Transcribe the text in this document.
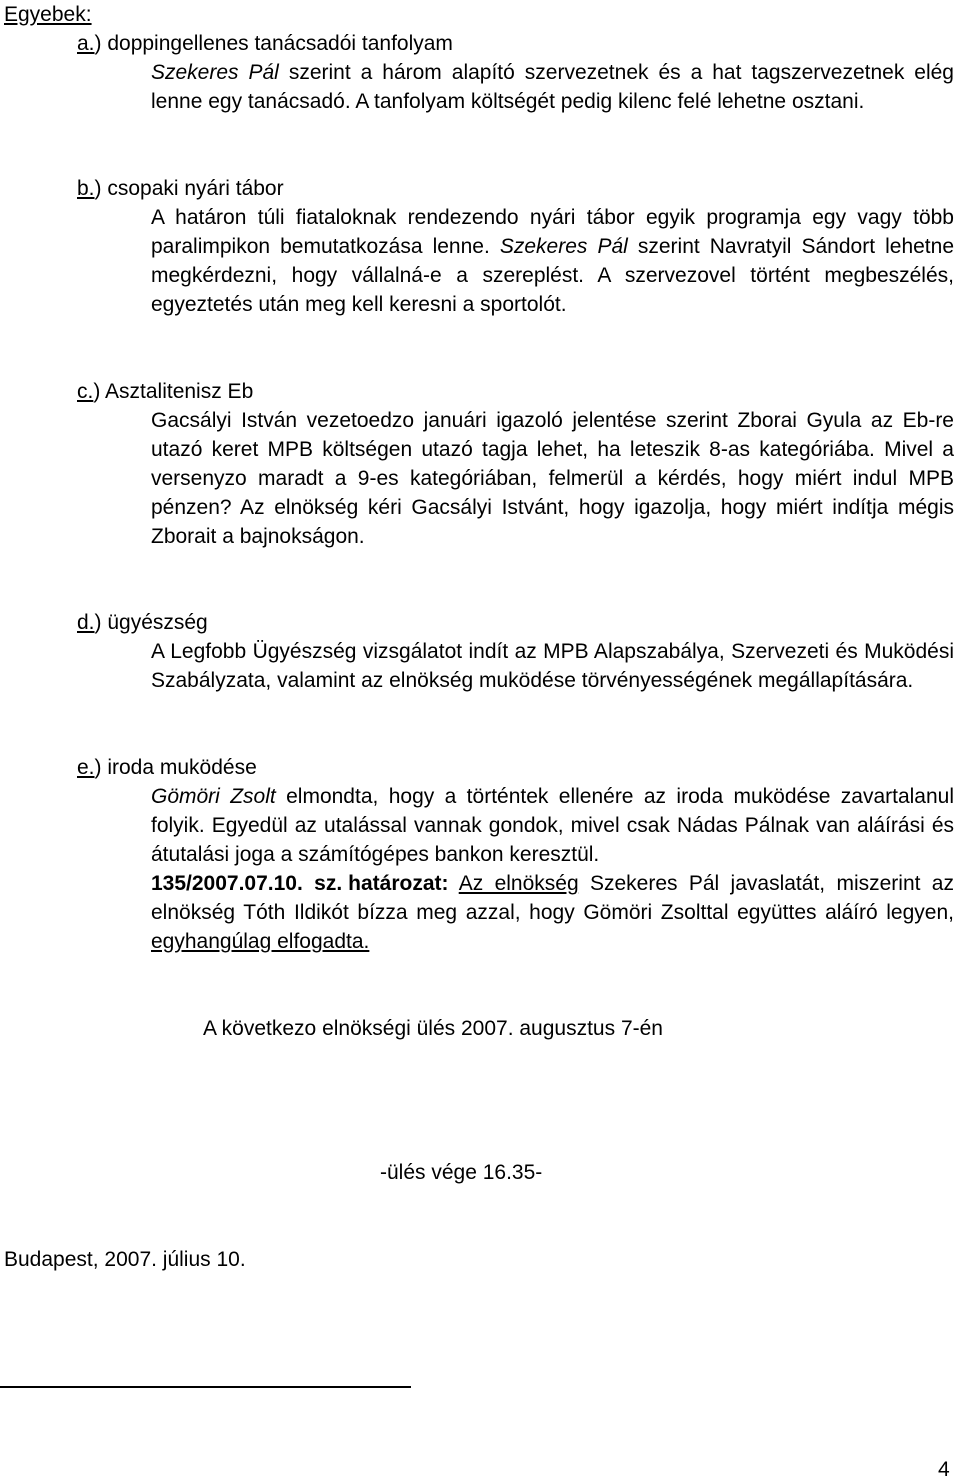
Egyebek:
a.) doppingellenes tanácsadói tanfolyam

Szekeres Pál szerint a három alapító szervezetnek és a hat tagszervezetnek elég lenne egy tanácsadó. A tanfolyam költségét pedig kilenc felé lehetne osztani.

b.) csopaki nyári tábor

A határon túli fiataloknak rendezendo nyári tábor egyik programja egy vagy több paralimpikon bemutatkozása lenne. Szekeres Pál szerint Navratyil Sándort lehetne megkérdezni, hogy vállalná-e a szereplést. A szervezovel történt megbeszélés, egyeztetés után meg kell keresni a sportolót.

c.) Asztalitenisz Eb

Gacsályi István vezetoedzo januári igazoló jelentése szerint Zborai Gyula az Eb-re utazó keret MPB költségen utazó tagja lehet, ha leteszik 8-as kategóriába. Mivel a versenyzo maradt a 9-es kategóriában, felmerül a kérdés, hogy miért indul MPB pénzen? Az elnökség kéri Gacsályi Istvánt, hogy igazolja, hogy miért indítja mégis Zborait a bajnokságon.

d.) ügyészség

A Legfobb Ügyészség vizsgálatot indít az MPB Alapszabálya, Szervezeti és Muködési Szabályzata, valamint az elnökség muködése törvényességének megállapítására.

e.) iroda muködése

Gömöri Zsolt elmondta, hogy a történtek ellenére az iroda muködése zavartalanul folyik. Egyedül az utalással vannak gondok, mivel csak Nádas Pálnak van aláírási és átutalási joga a számítógépes bankon keresztül.

135/2007.07.10. sz. határozat: Az elnökség Szekeres Pál javaslatát, miszerint az elnökség Tóth Ildikót bízza meg azzal, hogy Gömöri Zsolttal együttes aláíró legyen, egyhangúlag elfogadta.

A következo elnökségi ülés 2007. augusztus 7-én
-ülés vége 16.35-
Budapest, 2007. július 10.
4
